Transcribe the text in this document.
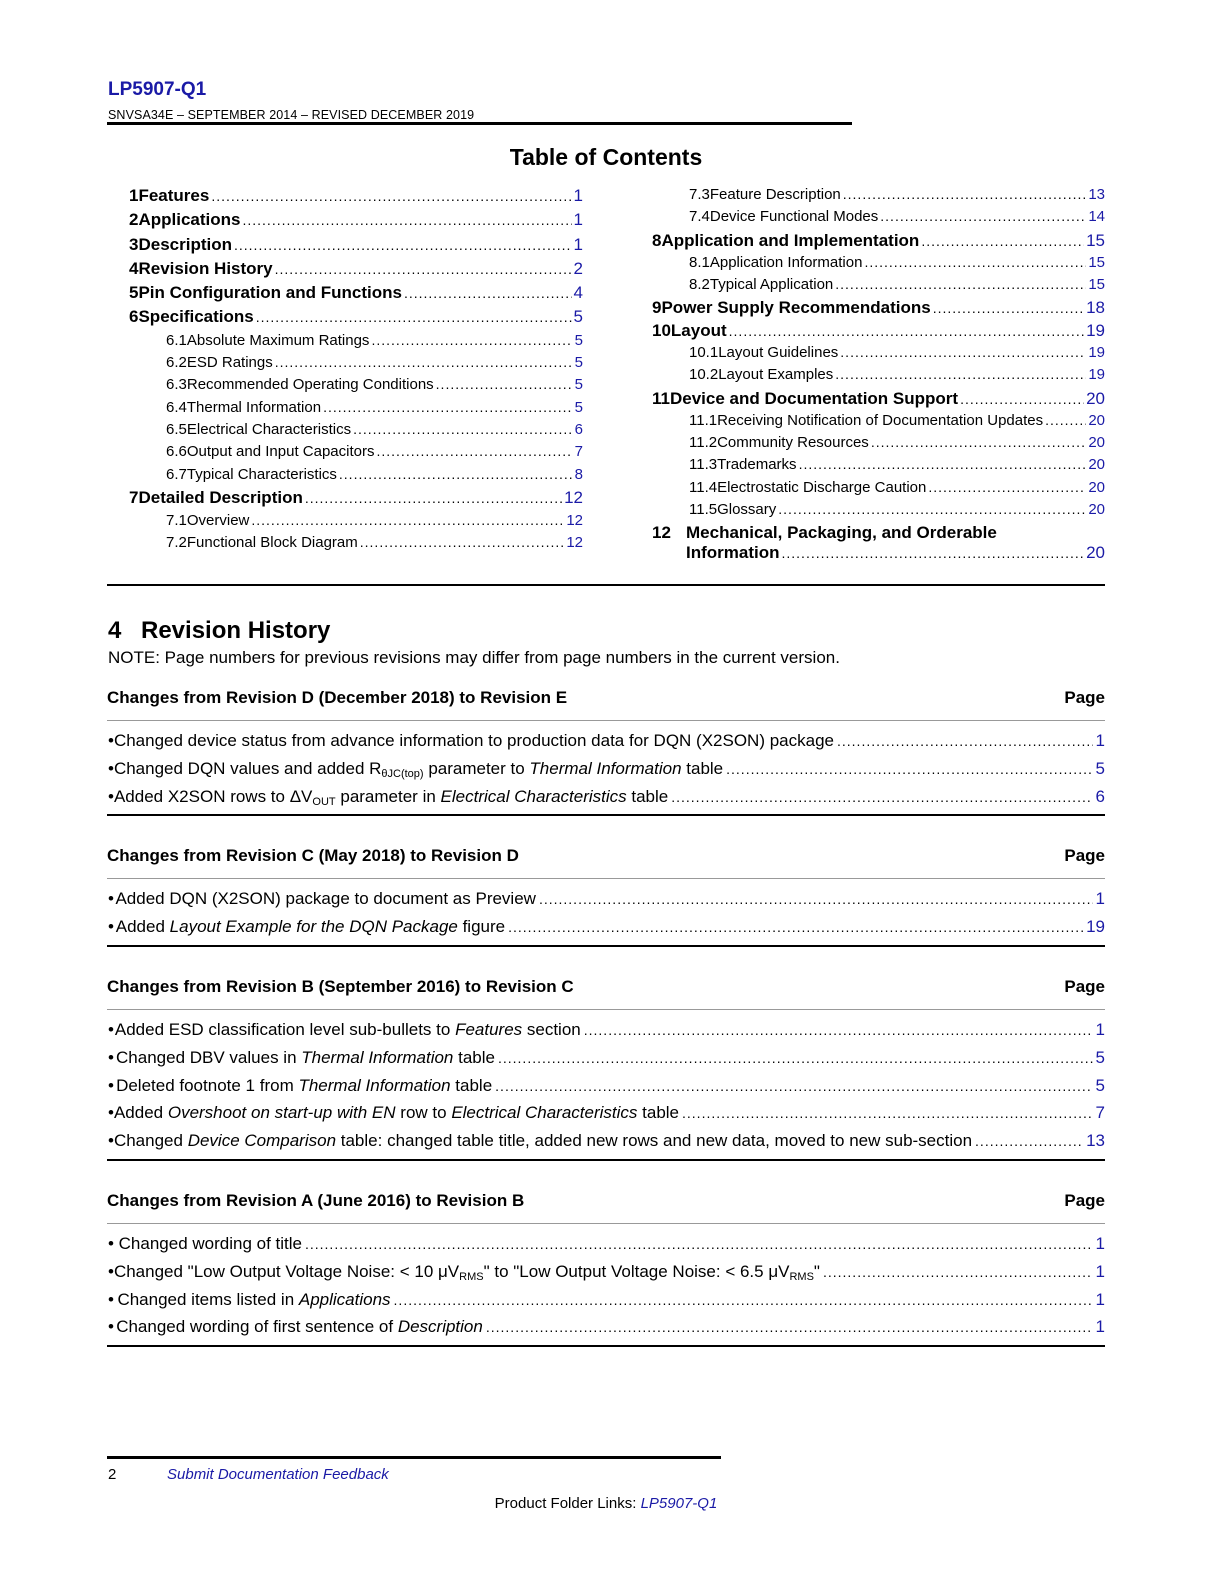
LP5907-Q1
SNVSA34E – SEPTEMBER 2014 – REVISED DECEMBER 2019
Table of Contents
1 Features .....	1
2 Applications .....	1
3 Description .....	1
4 Revision History .....	2
5 Pin Configuration and Functions .....	4
6 Specifications .....	5
6.1 Absolute Maximum Ratings .....	5
6.2 ESD Ratings .....	5
6.3 Recommended Operating Conditions .....	5
6.4 Thermal Information .....	5
6.5 Electrical Characteristics .....	6
6.6 Output and Input Capacitors .....	7
6.7 Typical Characteristics .....	8
7 Detailed Description .....	12
7.1 Overview .....	12
7.2 Functional Block Diagram .....	12
7.3 Feature Description .....	13
7.4 Device Functional Modes .....	14
8 Application and Implementation .....	15
8.1 Application Information .....	15
8.2 Typical Application .....	15
9 Power Supply Recommendations .....	18
10 Layout .....	19
10.1 Layout Guidelines .....	19
10.2 Layout Examples .....	19
11 Device and Documentation Support .....	20
11.1 Receiving Notification of Documentation Updates .....	20
11.2 Community Resources .....	20
11.3 Trademarks .....	20
11.4 Electrostatic Discharge Caution .....	20
11.5 Glossary .....	20
12 Mechanical, Packaging, and Orderable
Information .....	20
4 Revision History
NOTE: Page numbers for previous revisions may differ from page numbers in the current version.
Changes from Revision D (December 2018) to Revision E	Page
• Changed device status from advance information to production data for DQN (X2SON) package .....	1
• Changed DQN values and added $R_{\theta JC(top)}$ parameter to Thermal Information table .....	5
• Added X2SON rows to $\Delta V_{OUT}$ parameter in Electrical Characteristics table .....	6
Changes from Revision C (May 2018) to Revision D	Page
• Added DQN (X2SON) package to document as Preview .....	1
• Added Layout Example for the DQN Package figure .....	19
Changes from Revision B (September 2016) to Revision C	Page
• Added ESD classification level sub-bullets to Features section .....	1
• Changed DBV values in Thermal Information table .....	5
• Deleted footnote 1 from Thermal Information table .....	5
• Added Overshoot on start-up with EN row to Electrical Characteristics table .....	7
• Changed Device Comparison table: changed table title, added new rows and new data, moved to new sub-section .....	13
Changes from Revision A (June 2016) to Revision B	Page
• Changed wording of title .....	1
• Changed "Low Output Voltage Noise: < 10 $\mu V_{RMS}$" to "Low Output Voltage Noise: < 6.5 $\mu V_{RMS}$" .....	1
• Changed items listed in Applications .....	1
• Changed wording of first sentence of Description .....	1
2	Submit Documentation Feedback
Product Folder Links: LP5907-Q1
